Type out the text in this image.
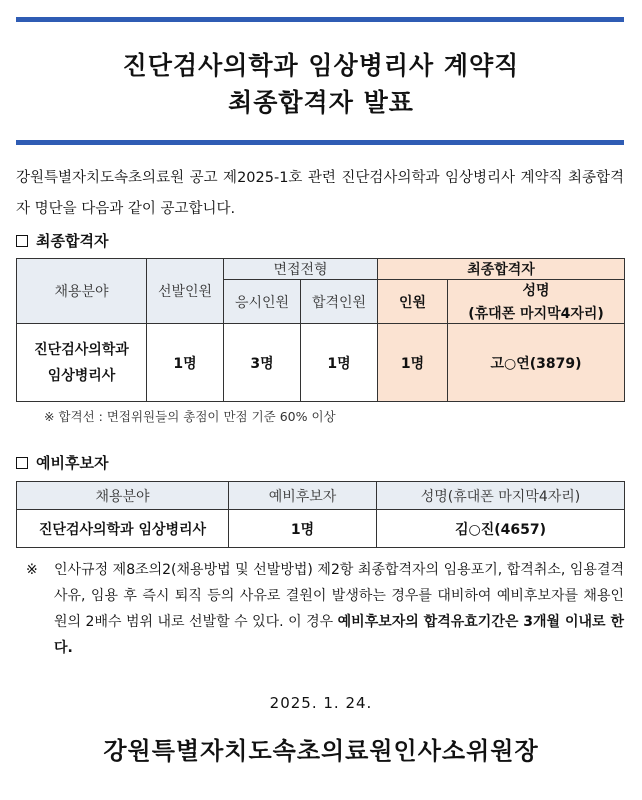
진단검사의학과 임상병리사 계약직
최종합격자 발표
강원특별자치도속초의료원 공고 제2025-1호 관련 진단검사의학과 임상병리사 계약직 최종합격자 명단을 다음과 같이 공고합니다.
최종합격자
채용분야	선발인원	면접전형		최종합격자	
		응시인원	합격인원	인원	성명
(휴대폰 마지막4자리)

진단검사의학과
임상병리사	1명	3명	1명	1명	고○연(3879)
※ 합격선 : 면접위원들의 총점이 만점 기준 60% 이상
예비후보자
채용분야	예비후보자	성명(휴대폰 마지막4자리)
진단검사의학과 임상병리사	1명	김○진(4657)
※	인사규정 제8조의2(채용방법 및 선발방법) 제2항 최종합격자의 임용포기, 합격취소, 임용결격 사유, 임용 후 즉시 퇴직 등의 사유로 결원이 발생하는 경우를 대비하여 예비후보자를 채용인원의 2배수 범위 내로 선발할 수 있다. 이 경우 예비후보자의 합격유효기간은 3개월 이내로 한다.
2025. 1. 24.
강원특별자치도속초의료원인사소위원장
